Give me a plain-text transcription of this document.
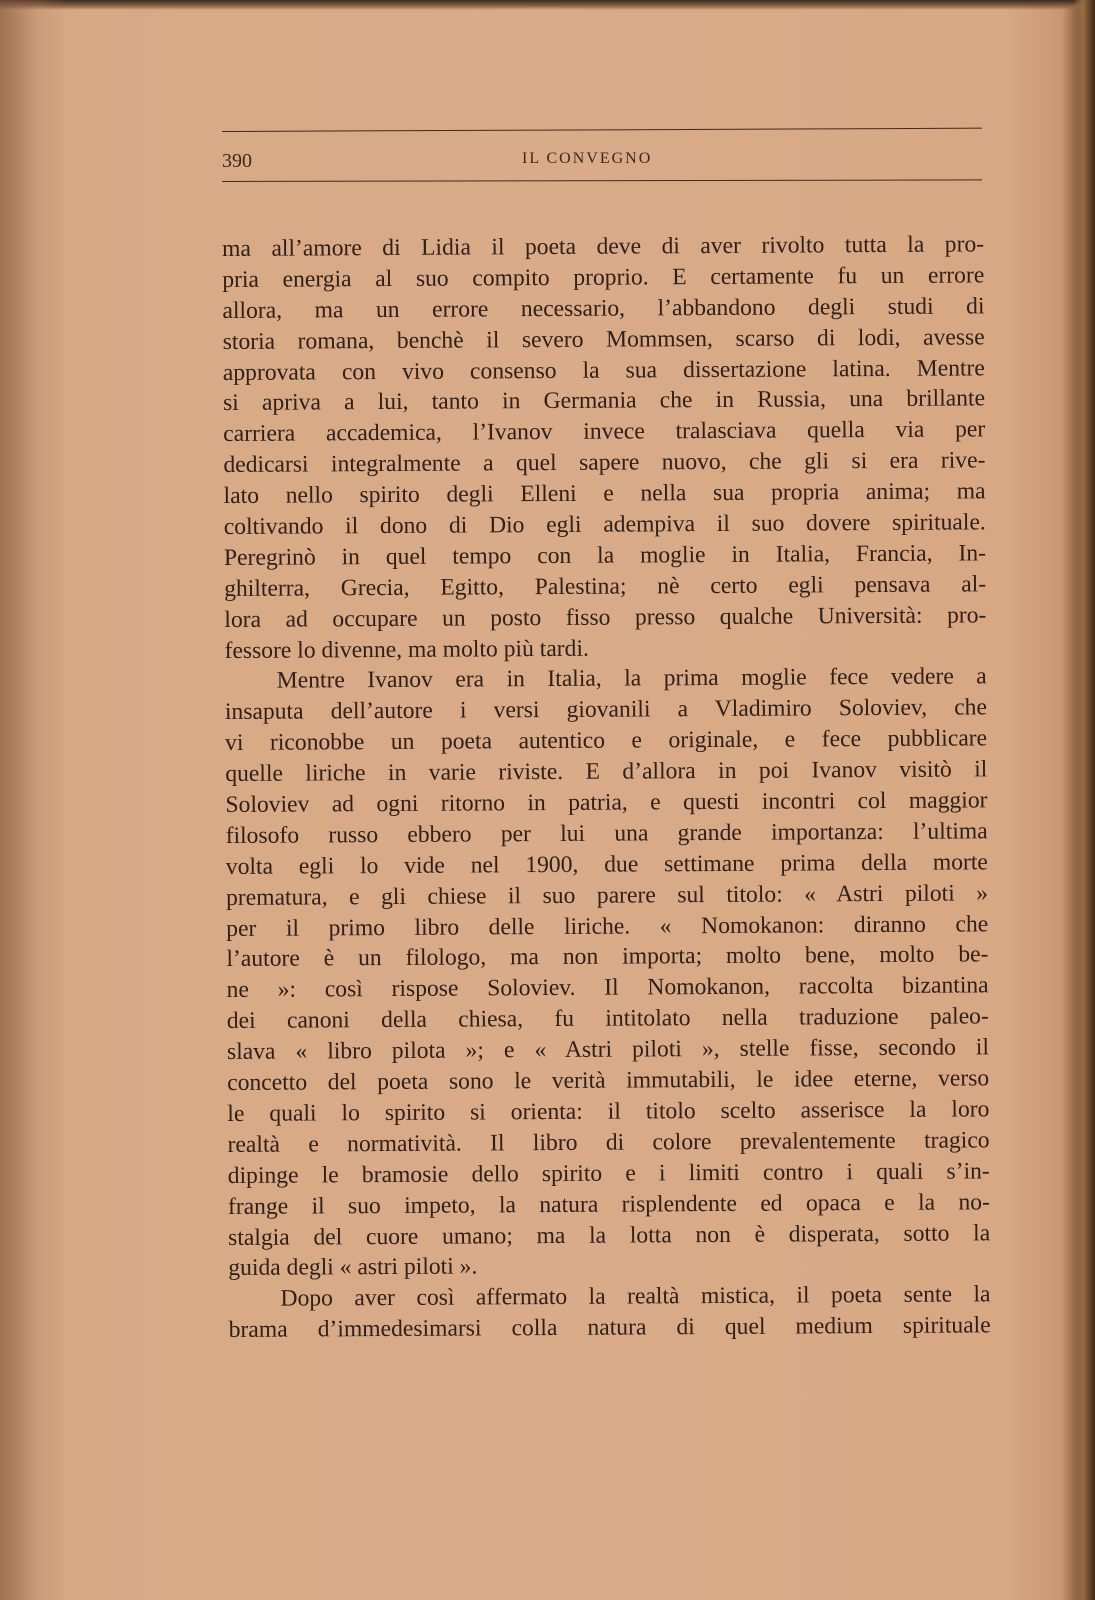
390	IL CONVEGNO
ma all’amore di Lidia il poeta deve di aver rivolto tutta la pro-
pria energia al suo compito proprio. E certamente fu un errore
allora, ma un errore necessario, l’abbandono degli studi di
storia romana, benchè il severo Mommsen, scarso di lodi, avesse
approvata con vivo consenso la sua dissertazione latina. Mentre
si apriva a lui, tanto in Germania che in Russia, una brillante
carriera accademica, l’Ivanov invece tralasciava quella via per
dedicarsi integralmente a quel sapere nuovo, che gli si era rive-
lato nello spirito degli Elleni e nella sua propria anima; ma
coltivando il dono di Dio egli adempiva il suo dovere spirituale.
Peregrinò in quel tempo con la moglie in Italia, Francia, In-
ghilterra, Grecia, Egitto, Palestina; nè certo egli pensava al-
lora ad occupare un posto fisso presso qualche Università: pro-
fessore lo divenne, ma molto più tardi.
Mentre Ivanov era in Italia, la prima moglie fece vedere a
insaputa dell’autore i versi giovanili a Vladimiro Soloviev, che
vi riconobbe un poeta autentico e originale, e fece pubblicare
quelle liriche in varie riviste. E d’allora in poi Ivanov visitò il
Soloviev ad ogni ritorno in patria, e questi incontri col maggior
filosofo russo ebbero per lui una grande importanza: l’ultima
volta egli lo vide nel 1900, due settimane prima della morte
prematura, e gli chiese il suo parere sul titolo: « Astri piloti »
per il primo libro delle liriche. « Nomokanon: diranno che
l’autore è un filologo, ma non importa; molto bene, molto be-
ne »: così rispose Soloviev. Il Nomokanon, raccolta bizantina
dei canoni della chiesa, fu intitolato nella traduzione paleo-
slava « libro pilota »; e « Astri piloti », stelle fisse, secondo il
concetto del poeta sono le verità immutabili, le idee eterne, verso
le quali lo spirito si orienta: il titolo scelto asserisce la loro
realtà e normatività. Il libro di colore prevalentemente tragico
dipinge le bramosie dello spirito e i limiti contro i quali s’in-
frange il suo impeto, la natura risplendente ed opaca e la no-
stalgia del cuore umano; ma la lotta non è disperata, sotto la
guida degli « astri piloti ».
Dopo aver così affermato la realtà mistica, il poeta sente la
brama d’immedesimarsi colla natura di quel medium spirituale
